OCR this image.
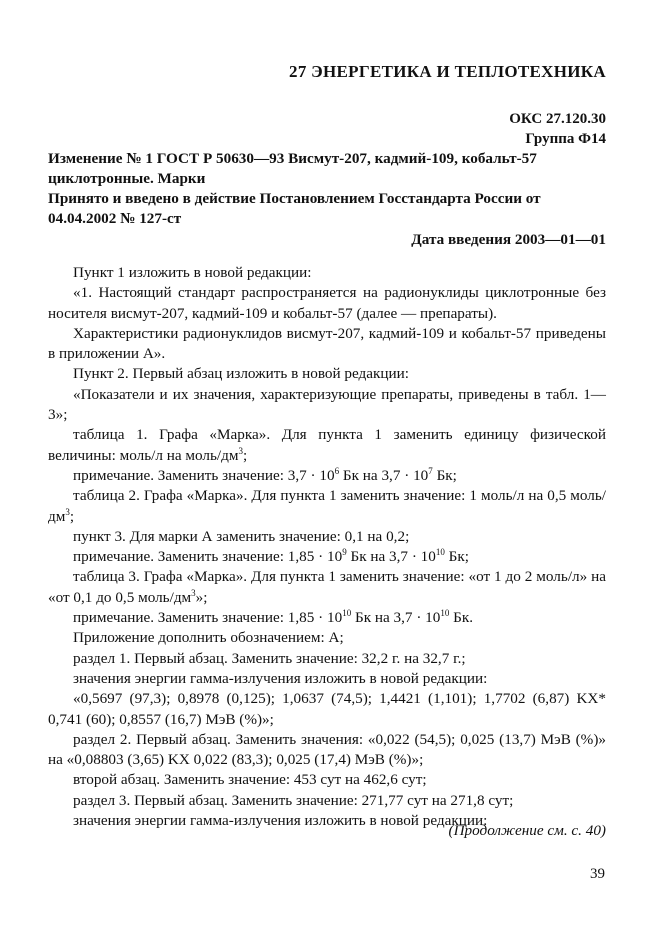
27 ЭНЕРГЕТИКА И ТЕПЛОТЕХНИКА
ОКС 27.120.30
Группа Ф14
Изменение № 1 ГОСТ Р 50630—93 Висмут-207, кадмий-109, кобальт-57
циклотронные. Марки
Принято и введено в действие Постановлением Госстандарта России от
04.04.2002 № 127-ст
Дата введения 2003—01—01

Пункт 1 изложить в новой редакции:

«1. Настоящий стандарт распространяется на радионуклиды циклотронные без носителя висмут-207, кадмий-109 и кобальт-57 (далее — препараты).

Характеристики радионуклидов висмут-207, кадмий-109 и кобальт-57 приведены в приложении А».

Пункт 2. Первый абзац изложить в новой редакции:

«Показатели и их значения, характеризующие препараты, приведены в табл. 1—3»;

таблица 1. Графа «Марка». Для пункта 1 заменить единицу физической величины: моль/л на моль/$дм^3$;

примечание. Заменить значение: $3,7 \cdot 10^6$ Бк на $3,7 \cdot 10^7$ Бк;

таблица 2. Графа «Марка». Для пункта 1 заменить значение: 1 моль/л на 0,5 моль/$дм^3$;

пункт 3. Для марки А заменить значение: 0,1 на 0,2;

примечание. Заменить значение: $1,85 \cdot 10^9$ Бк на $3,7 \cdot 10^{10}$ Бк;

таблица 3. Графа «Марка». Для пункта 1 заменить значение: «от 1 до 2 моль/л» на «от 0,1 до 0,5 моль/$дм^3$»;

примечание. Заменить значение: $1,85 \cdot 10^{10}$ Бк на $3,7 \cdot 10^{10}$ Бк.

Приложение дополнить обозначением: А;

раздел 1. Первый абзац. Заменить значение: 32,2 г. на 32,7 г.;

значения энергии гамма-излучения изложить в новой редакции:

«0,5697 (97,3); 0,8978 (0,125); 1,0637 (74,5); 1,4421 (1,101); 1,7702 (6,87) KX* 0,741 (60); 0,8557 (16,7) МэВ (%)»;

раздел 2. Первый абзац. Заменить значения: «0,022 (54,5); 0,025 (13,7) МэВ (%)» на «0,08803 (3,65) KX 0,022 (83,3); 0,025 (17,4) МэВ (%)»;

второй абзац. Заменить значение: 453 сут на 462,6 сут;

раздел 3. Первый абзац. Заменить значение: 271,77 сут на 271,8 сут;

значения энергии гамма-излучения изложить в новой редакции:

(Продолжение см. с. 40)
39
